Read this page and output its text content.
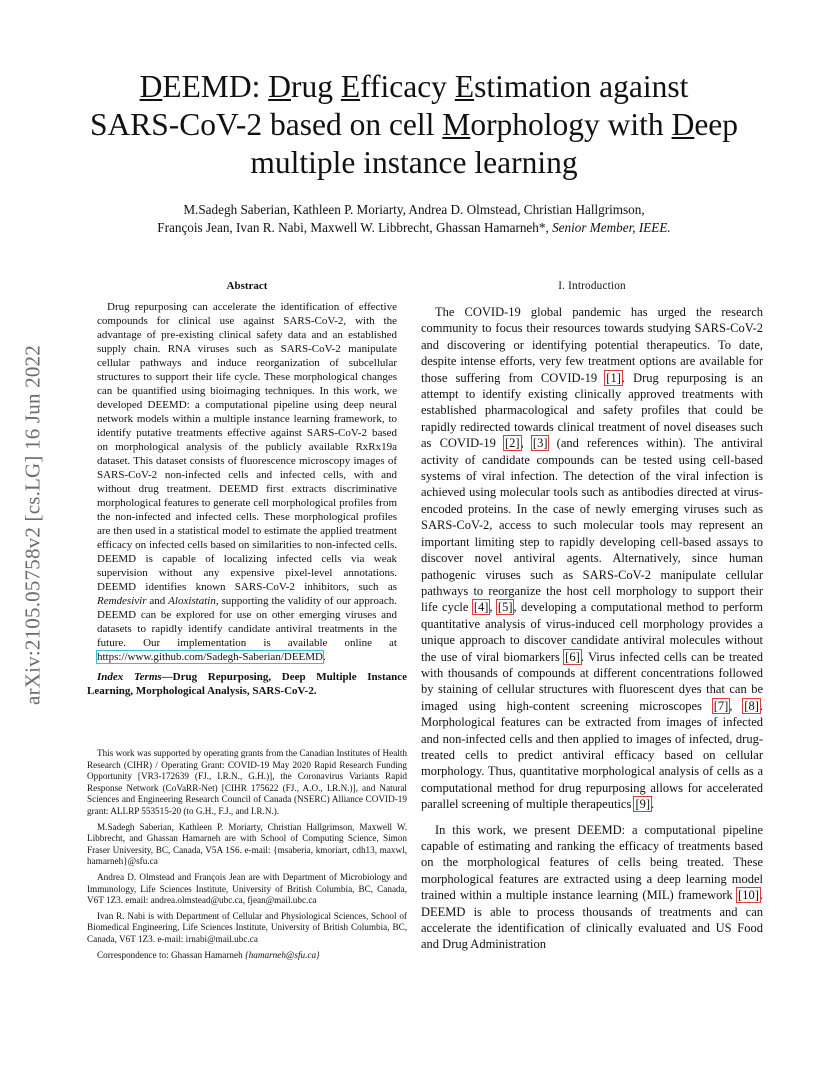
arXiv:2105.05758v2 [cs.LG] 16 Jun 2022
DEEMD: Drug Efficacy Estimation against
SARS-CoV-2 based on cell Morphology with Deep
multiple instance learning
M.Sadegh Saberian, Kathleen P. Moriarty, Andrea D. Olmstead, Christian Hallgrimson,
François Jean, Ivan R. Nabi, Maxwell W. Libbrecht, Ghassan Hamarneh*, Senior Member, IEEE.
Abstract
Drug repurposing can accelerate the identification of effective compounds for clinical use against SARS-CoV-2, with the advantage of pre-existing clinical safety data and an established supply chain. RNA viruses such as SARS-CoV-2 manipulate cellular pathways and induce reorganization of subcellular structures to support their life cycle. These morphological changes can be quantified using bioimaging techniques. In this work, we developed DEEMD: a computational pipeline using deep neural network models within a multiple instance learning framework, to identify putative treatments effective against SARS-CoV-2 based on morphological analysis of the publicly available RxRx19a dataset. This dataset consists of fluorescence microscopy images of SARS-CoV-2 non-infected cells and infected cells, with and without drug treatment. DEEMD first extracts discriminative morphological features to generate cell morphological profiles from the non-infected and infected cells. These morphological profiles are then used in a statistical model to estimate the applied treatment efficacy on infected cells based on similarities to non-infected cells. DEEMD is capable of localizing infected cells via weak supervision without any expensive pixel-level annotations. DEEMD identifies known SARS-CoV-2 inhibitors, such as Remdesivir and Aloxistatin, supporting the validity of our approach. DEEMD can be explored for use on other emerging viruses and datasets to rapidly identify candidate antiviral treatments in the future. Our implementation is available online at https://www.github.com/Sadegh-Saberian/DEEMD.

Index Terms—Drug Repurposing, Deep Multiple Instance Learning, Morphological Analysis, SARS-CoV-2.

This work was supported by operating grants from the Canadian Institutes of Health Research (CIHR) / Operating Grant: COVID-19 May 2020 Rapid Research Funding Opportunity [VR3-172639 (FJ., I.R.N., G.H.)], the Coronavirus Variants Rapid Response Network (CoVaRR-Net) [CIHR 175622 (FJ., A.O., I.R.N.)], and Natural Sciences and Engineering Research Council of Canada (NSERC) Alliance COVID-19 grant: ALLRP 553515-20 (to G.H., F.J., and I.R.N.).

M.Sadegh Saberian, Kathleen P. Moriarty, Christian Hallgrimson, Maxwell W. Libbrecht, and Ghassan Hamarneh are with School of Computing Science, Simon Fraser University, BC, Canada, V5A 1S6. e-mail: {msaberia, kmoriart, cdh13, maxwl, hamarneh}@sfu.ca

Andrea D. Olmstead and François Jean are with Department of Microbiology and Immunology, Life Sciences Institute, University of British Columbia, BC, Canada, V6T 1Z3. email: andrea.olmstead@ubc.ca, fjean@mail.ubc.ca

Ivan R. Nabi is with Department of Cellular and Physiological Sciences, School of Biomedical Engineering, Life Sciences Institute, University of British Columbia, BC, Canada, V6T 1Z3. e-mail: irnabi@mail.ubc.ca

Correspondence to: Ghassan Hamarneh {hamarneh@sfu.ca}

I. Introduction

The COVID-19 global pandemic has urged the research community to focus their resources towards studying SARS-CoV-2 and discovering or identifying potential therapeutics. To date, despite intense efforts, very few treatment options are available for those suffering from COVID-19 [1]. Drug repurposing is an attempt to identify existing clinically approved treatments with established pharmacological and safety profiles that could be rapidly redirected towards clinical treatment of novel diseases such as COVID-19 [2], [3] (and references within). The antiviral activity of candidate compounds can be tested using cell-based systems of viral infection. The detection of the viral infection is achieved using molecular tools such as antibodies directed at virus-encoded proteins. In the case of newly emerging viruses such as SARS-CoV-2, access to such molecular tools may represent an important limiting step to rapidly developing cell-based assays to discover novel antiviral agents. Alternatively, since human pathogenic viruses such as SARS-CoV-2 manipulate cellular pathways to reorganize the host cell morphology to support their life cycle [4], [5], developing a computational method to perform quantitative analysis of virus-induced cell morphology provides a unique approach to discover candidate antiviral molecules without the use of viral biomarkers [6]. Virus infected cells can be treated with thousands of compounds at different concentrations followed by staining of cellular structures with fluorescent dyes that can be imaged using high-content screening microscopes [7], [8]. Morphological features can be extracted from images of infected and non-infected cells and then applied to images of infected, drug-treated cells to predict antiviral efficacy based on cellular morphology. Thus, quantitative morphological analysis of cells as a computational method for drug repurposing allows for accelerated parallel screening of multiple therapeutics [9].

In this work, we present DEEMD: a computational pipeline capable of estimating and ranking the efficacy of treatments based on the morphological features of cells being treated. These morphological features are extracted using a deep learning model trained within a multiple instance learning (MIL) framework [10]. DEEMD is able to process thousands of treatments and can accelerate the identification of clinically evaluated and US Food and Drug Administration
